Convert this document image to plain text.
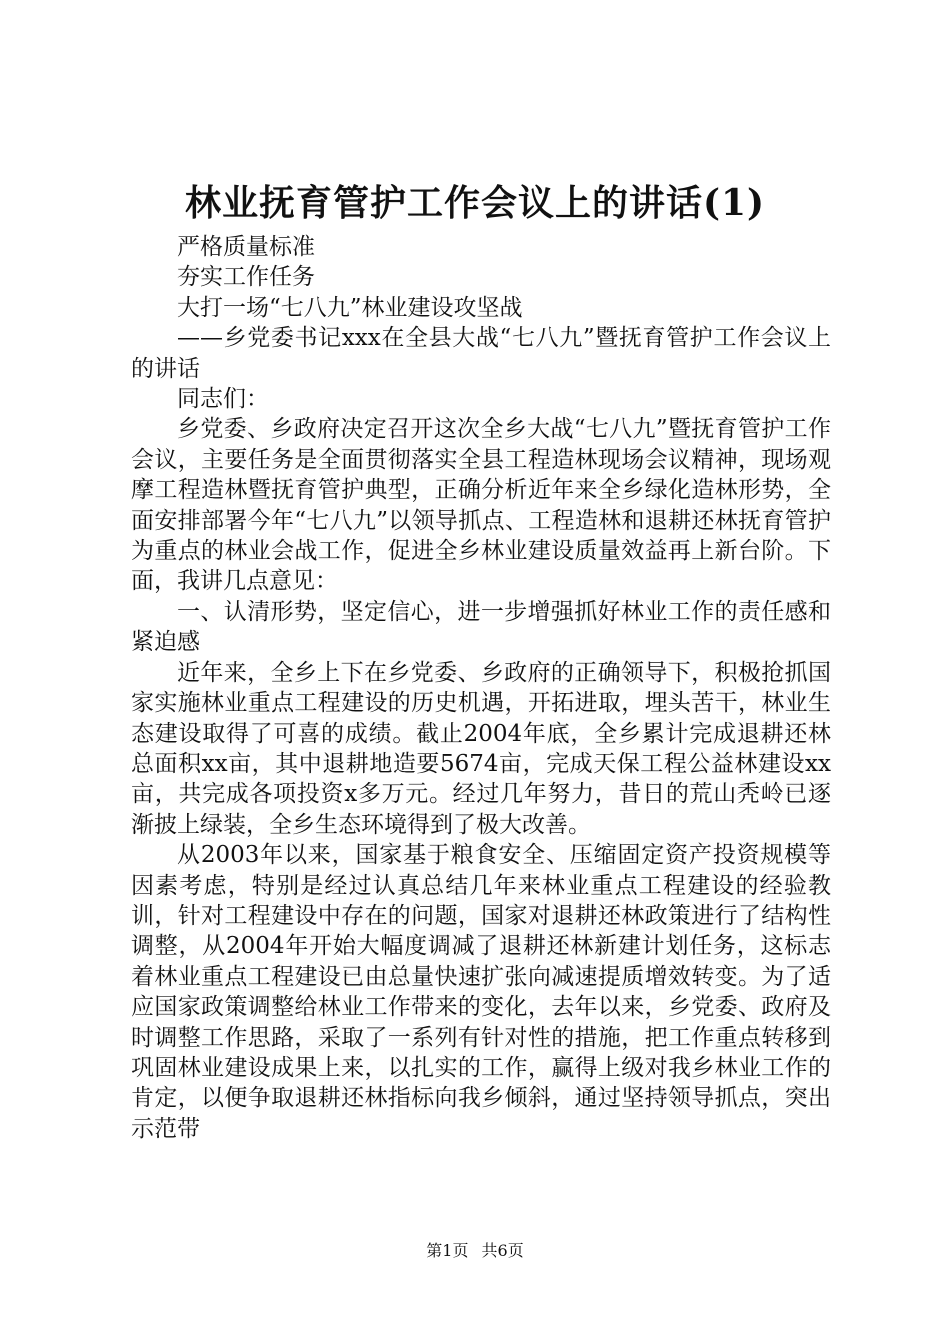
林业抚育管护工作会议上的讲话(1)

严格质量标准

夯实工作任务

大打一场“七八九”林业建设攻坚战

——乡党委书记xxx在全县大战“七八九”暨抚育管护工作会议上的讲话

同志们：

乡党委、乡政府决定召开这次全乡大战“七八九”暨抚育管护工作会议，主要任务是全面贯彻落实全县工程造林现场会议精神，现场观摩工程造林暨抚育管护典型，正确分析近年来全乡绿化造林形势，全面安排部署今年“七八九”以领导抓点、工程造林和退耕还林抚育管护为重点的林业会战工作，促进全乡林业建设质量效益再上新台阶。下面，我讲几点意见：

一、认清形势，坚定信心，进一步增强抓好林业工作的责任感和紧迫感

近年来，全乡上下在乡党委、乡政府的正确领导下，积极抢抓国家实施林业重点工程建设的历史机遇，开拓进取，埋头苦干，林业生态建设取得了可喜的成绩。截止2004年底，全乡累计完成退耕还林总面积xx亩，其中退耕地造要5674亩，完成天保工程公益林建设xx亩，共完成各项投资x多万元。经过几年努力，昔日的荒山秃岭已逐渐披上绿装，全乡生态环境得到了极大改善。

从2003年以来，国家基于粮食安全、压缩固定资产投资规模等因素考虑，特别是经过认真总结几年来林业重点工程建设的经验教训，针对工程建设中存在的问题，国家对退耕还林政策进行了结构性调整，从2004年开始大幅度调减了退耕还林新建计划任务，这标志着林业重点工程建设已由总量快速扩张向减速提质增效转变。为了适应国家政策调整给林业工作带来的变化，去年以来，乡党委、政府及时调整工作思路，采取了一系列有针对性的措施，把工作重点转移到巩固林业建设成果上来，以扎实的工作，赢得上级对我乡林业工作的肯定，以便争取退耕还林指标向我乡倾斜，通过坚持领导抓点，突出示范带

第1页 共6页
